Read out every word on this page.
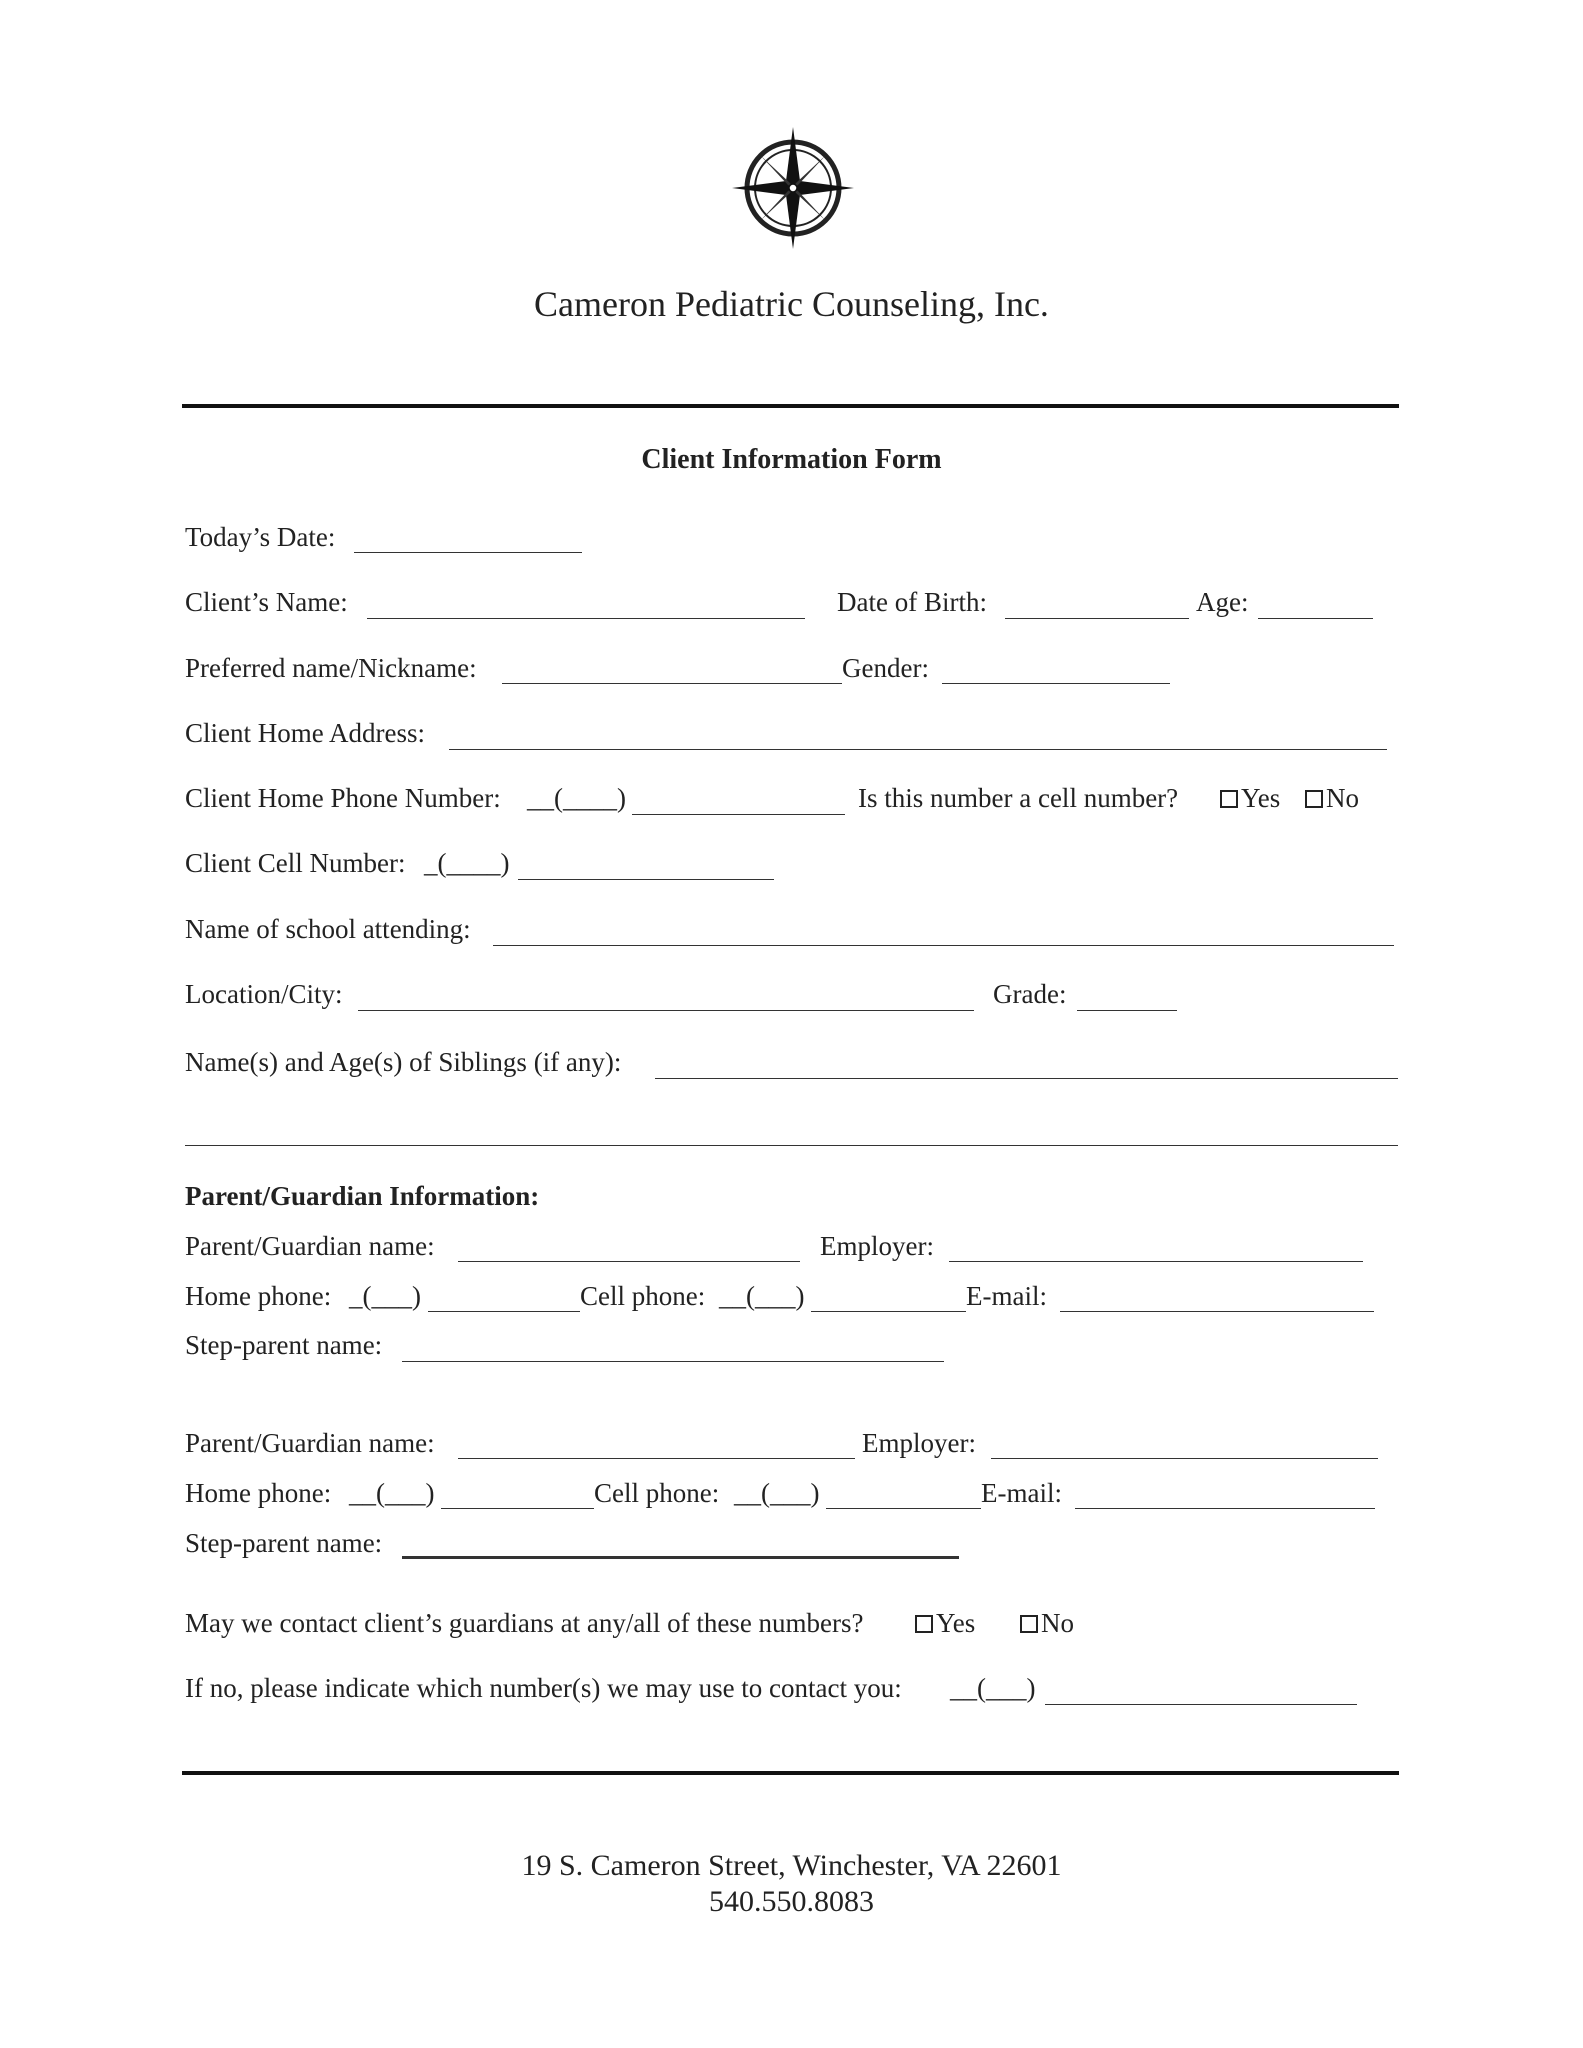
Cameron Pediatric Counseling, Inc.
Client Information Form
Today’s Date:
Client’s Name:	Date of Birth:	Age:
Preferred name/Nickname:	Gender:
Client Home Address:
Client Home Phone Number: __(____)	Is this number a cell number?	Yes	No
Client Cell Number: _(____)
Name of school attending:
Location/City:	Grade:
Name(s) and Age(s) of Siblings (if any):
Parent/Guardian Information:
Parent/Guardian name:	Employer:
Home phone: _(___)	Cell phone: __(___)	E-mail:
Step-parent name:
Parent/Guardian name:	Employer:
Home phone: __(___)	Cell phone: __(___)	E-mail:
Step-parent name:
May we contact client’s guardians at any/all of these numbers?	Yes	No
If no, please indicate which number(s) we may use to contact you: __(___)
19 S. Cameron Street, Winchester, VA 22601
540.550.8083
